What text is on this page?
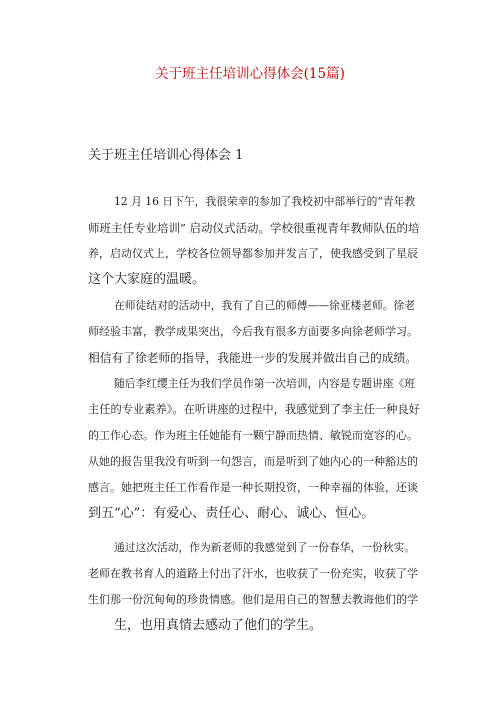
关于班主任培训心得体会(15篇)
关于班主任培训心得体会 1
12 月 16 日下午，我很荣幸的参加了我校初中部举行的“青年教
师班主任专业培训” 启动仪式活动。学校很重视青年教师队伍的培
养，启动仪式上，学校各位领导都参加并发言了，使我感受到了星辰
这个大家庭的温暖。
在师徒结对的活动中，我有了自己的师傅——徐亚楼老师。徐老
师经验丰富，教学成果突出，今后我有很多方面要多向徐老师学习。
相信有了徐老师的指导，我能进一步的发展并做出自己的成绩。
随后李红缨主任为我们学员作第一次培训，内容是专题讲座《班
主任的专业素养》。在听讲座的过程中，我感觉到了李主任一种良好
的工作心态。作为班主任她能有一颗宁静而热情、敏锐而宽容的心。
从她的报告里我没有听到一句怨言，而是听到了她内心的一种豁达的
感言。她把班主任工作看作是一种长期投资，一种幸福的体验，还谈
到五“心”：有爱心、责任心、耐心、诚心、恒心。
通过这次活动，作为新老师的我感觉到了一份春华，一份秋实。
老师在教书育人的道路上付出了汗水，也收获了一份充实，收获了学
生们那一份沉甸甸的珍贵情感。他们是用自己的智慧去教诲他们的学
生，也用真情去感动了他们的学生。
